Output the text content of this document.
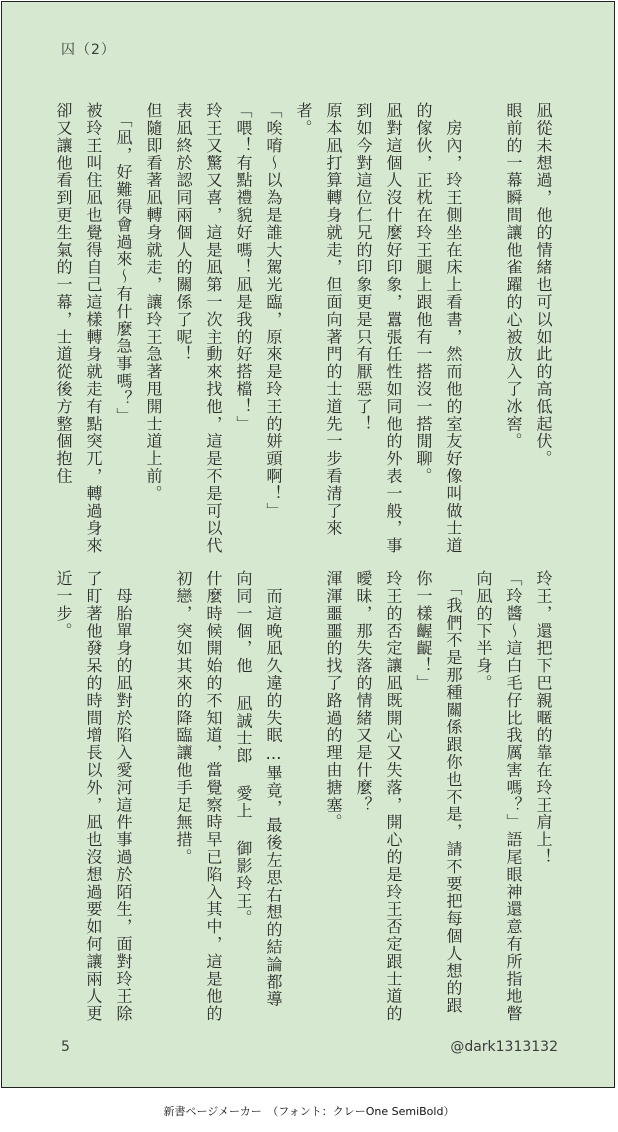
囚（2）
凪從未想過，他的情緒也可以如此的高低起伏。
眼前的一幕瞬間讓他雀躍的心被放入了冰窖。

　房內，玲王側坐在床上看書，然而他的室友好像叫做士道的傢伙，正枕在玲王腿上跟他有一搭沒一搭閒聊。
凪對這個人沒什麼好印象，囂張任性如同他的外表一般，事到如今對這位仁兄的印象更是只有厭惡了！
原本凪打算轉身就走，但面向著門的士道先一步看清了來者。
「唉唷～以為是誰大駕光臨，原來是玲王的姘頭啊！」
「喂！有點禮貌好嗎！凪是我的好搭檔！」
玲王又驚又喜，這是凪第一次主動來找他，這是不是可以代表凪終於認同兩個人的關係了呢！
但隨即看著凪轉身就走，讓玲王急著甩開士道上前。
　「凪，好難得會過來～有什麼急事嗎？」
被玲王叫住凪也覺得自己這樣轉身就走有點突兀，轉過身來卻又讓他看到更生氣的一幕，士道從後方整個抱住
玲王，還把下巴親暱的靠在玲王肩上！
「玲醬～這白毛仔比我厲害嗎？」語尾眼神還意有所指地瞥向凪的下半身。
　「我們不是那種關係跟你也不是，請不要把每個人想的跟你一樣齷齪！」
玲王的否定讓凪既開心又失落，開心的是玲王否定跟士道的曖昧，那失落的情緒又是什麼？
渾渾噩噩的找了路過的理由搪塞。

　而這晚凪久違的失眠…畢竟，最後左思右想的結論都導向同一個，他 凪誠士郎 愛上 御影玲王。
什麼時候開始的不知道，當覺察時早已陷入其中，這是他的初戀，突如其來的降臨讓他手足無措。

　母胎單身的凪對於陷入愛河這件事過於陌生，面對玲王除了盯著他發呆的時間增長以外，凪也沒想過要如何讓兩人更近一步。
5	@dark1313132
新書ページメーカー　（フォント：クレーOne SemiBold）
